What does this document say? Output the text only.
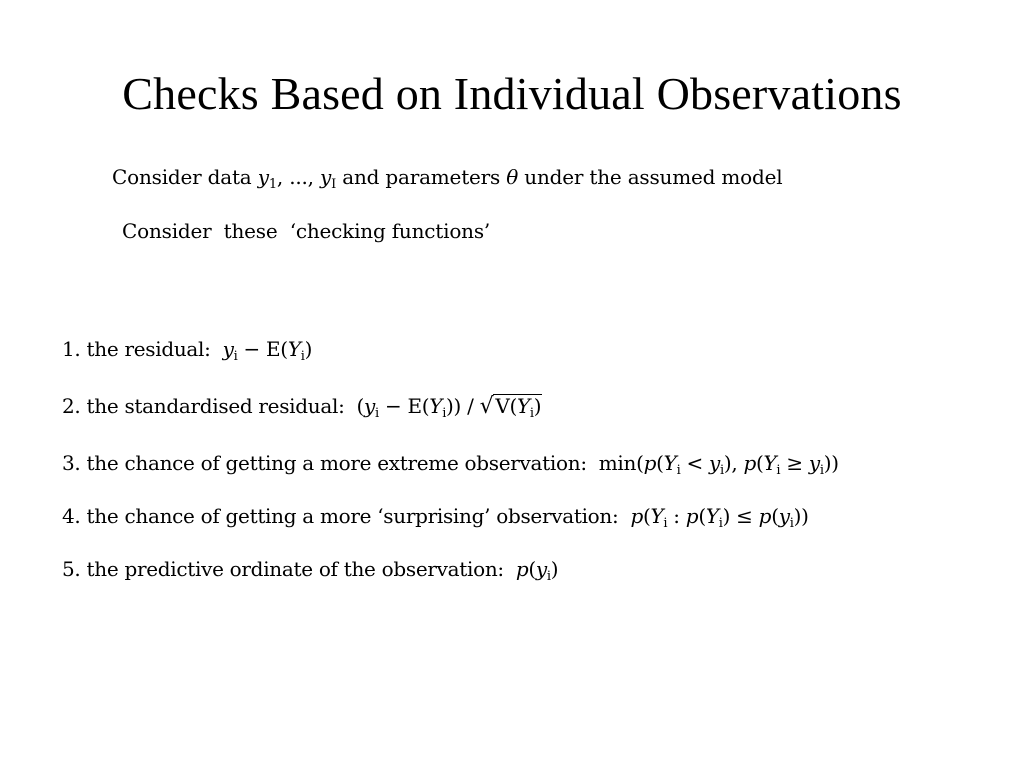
Checks Based on Individual Observations
Consider data $y_1$, ..., $y_I$ and parameters θ under the assumed model
Consider these ‘checking functions’
1. the residual: $y_i - E(Y_i)$
2. the standardised residual: $(y_i - E(Y_i))$ / √ $V(Y_i)$
3. the chance of getting a more extreme observation: $\min(p(Y_i < y_i)$, $p(Y_i \ge y_i)$)
4. the chance of getting a more ‘surprising’ observation: $p(Y_i$ : $p(Y_i) \le p(y_i)$)
5. the predictive ordinate of the observation: $p(y_i)$
